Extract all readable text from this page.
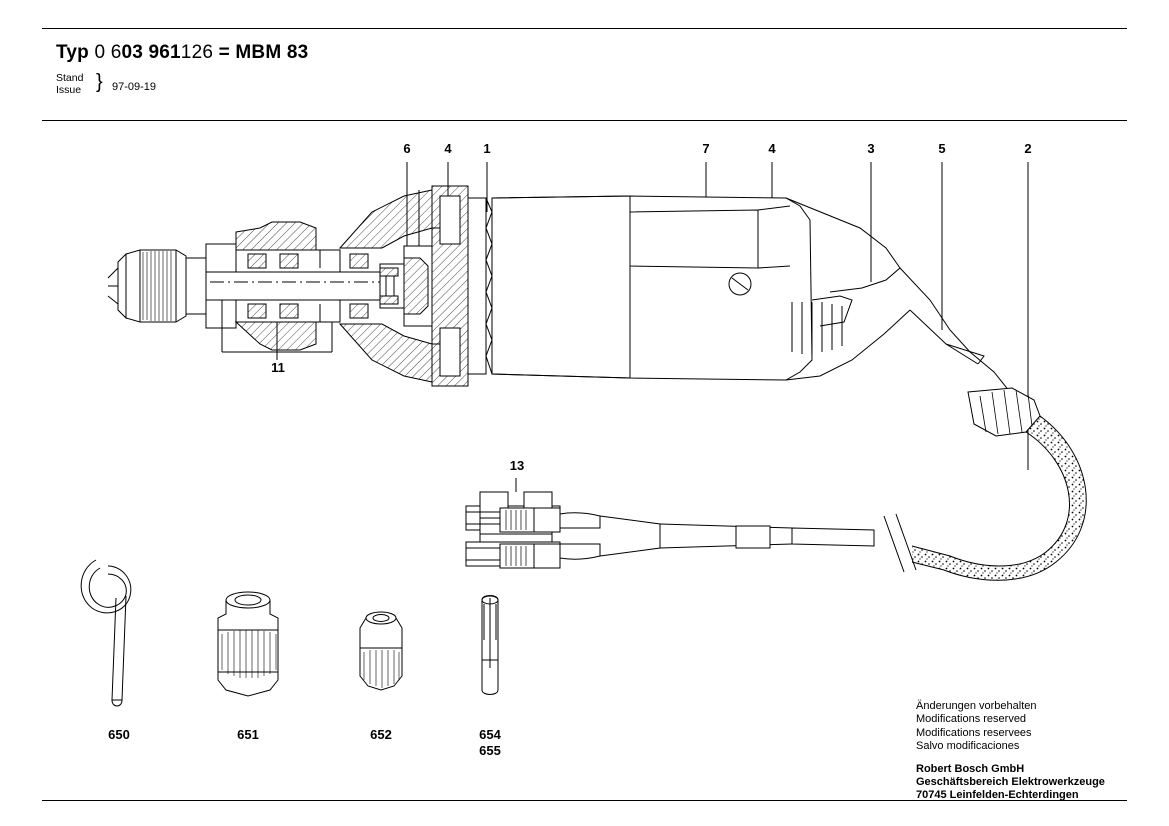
Typ 0 603 961126 = MBM 83
Stand
Issue } 97-09-19
6	4	1	7	4	3	5	2
11
13
650	651	652	654
655
Änderungen vorbehalten
Modifications reserved
Modifications reservees
Salvo modificaciones
Robert Bosch GmbH
Geschäftsbereich Elektrowerkzeuge
70745 Leinfelden-Echterdingen
